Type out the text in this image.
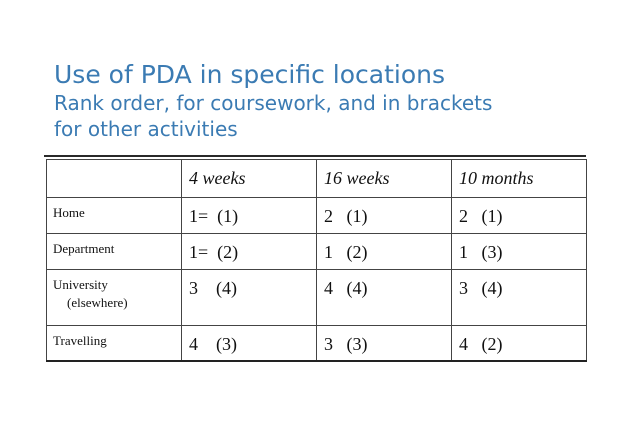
Use of PDA in specific locations
Rank order, for coursework, and in brackets
for other activities

	4 weeks	16 weeks	10 months

Home	1=  (1)	2   (1)	2   (1)

Department	1=  (2)	1   (2)	1   (3)

University
(elsewhere)	3    (4)	4   (4)	3   (4)

Travelling	4    (3)	3   (3)	4   (2)
